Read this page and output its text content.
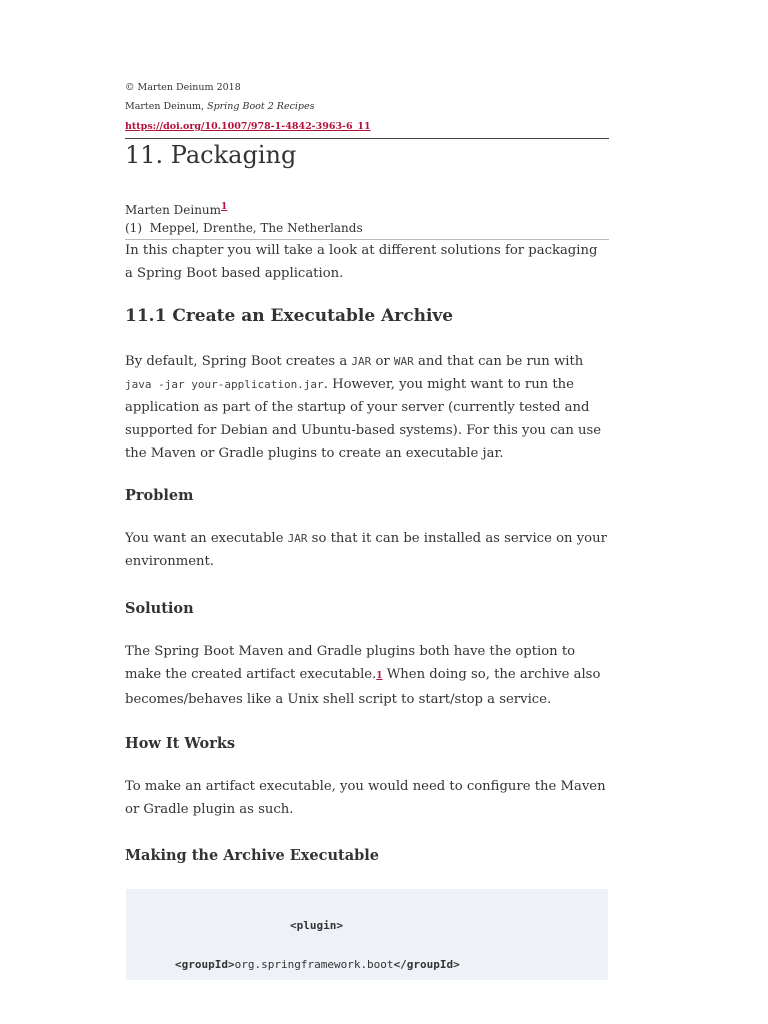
© Marten Deinum 2018
Marten Deinum, Spring Boot 2 Recipes
https://doi.org/10.1007/978-1-4842-3963-6_11
11. Packaging
Marten Deinum$^1$
(1) Meppel, Drenthe, The Netherlands
In this chapter you will take a look at different solutions for packaging a Spring Boot based application.
11.1 Create an Executable Archive
By default, Spring Boot creates a JAR or WAR and that can be run with java -jar your-application.jar. However, you might want to run the application as part of the startup of your server (currently tested and supported for Debian and Ubuntu-based systems). For this you can use the Maven or Gradle plugins to create an executable jar.
Problem
You want an executable JAR so that it can be installed as service on your environment.
Solution
The Spring Boot Maven and Gradle plugins both have the option to make the created artifact executable.1 When doing so, the archive also becomes/behaves like a Unix shell script to start/stop a service.
How It Works
To make an artifact executable, you would need to configure the Maven or Gradle plugin as such.
Making the Archive Executable
<plugin>
<groupId>org.springframework.boot</groupId>
